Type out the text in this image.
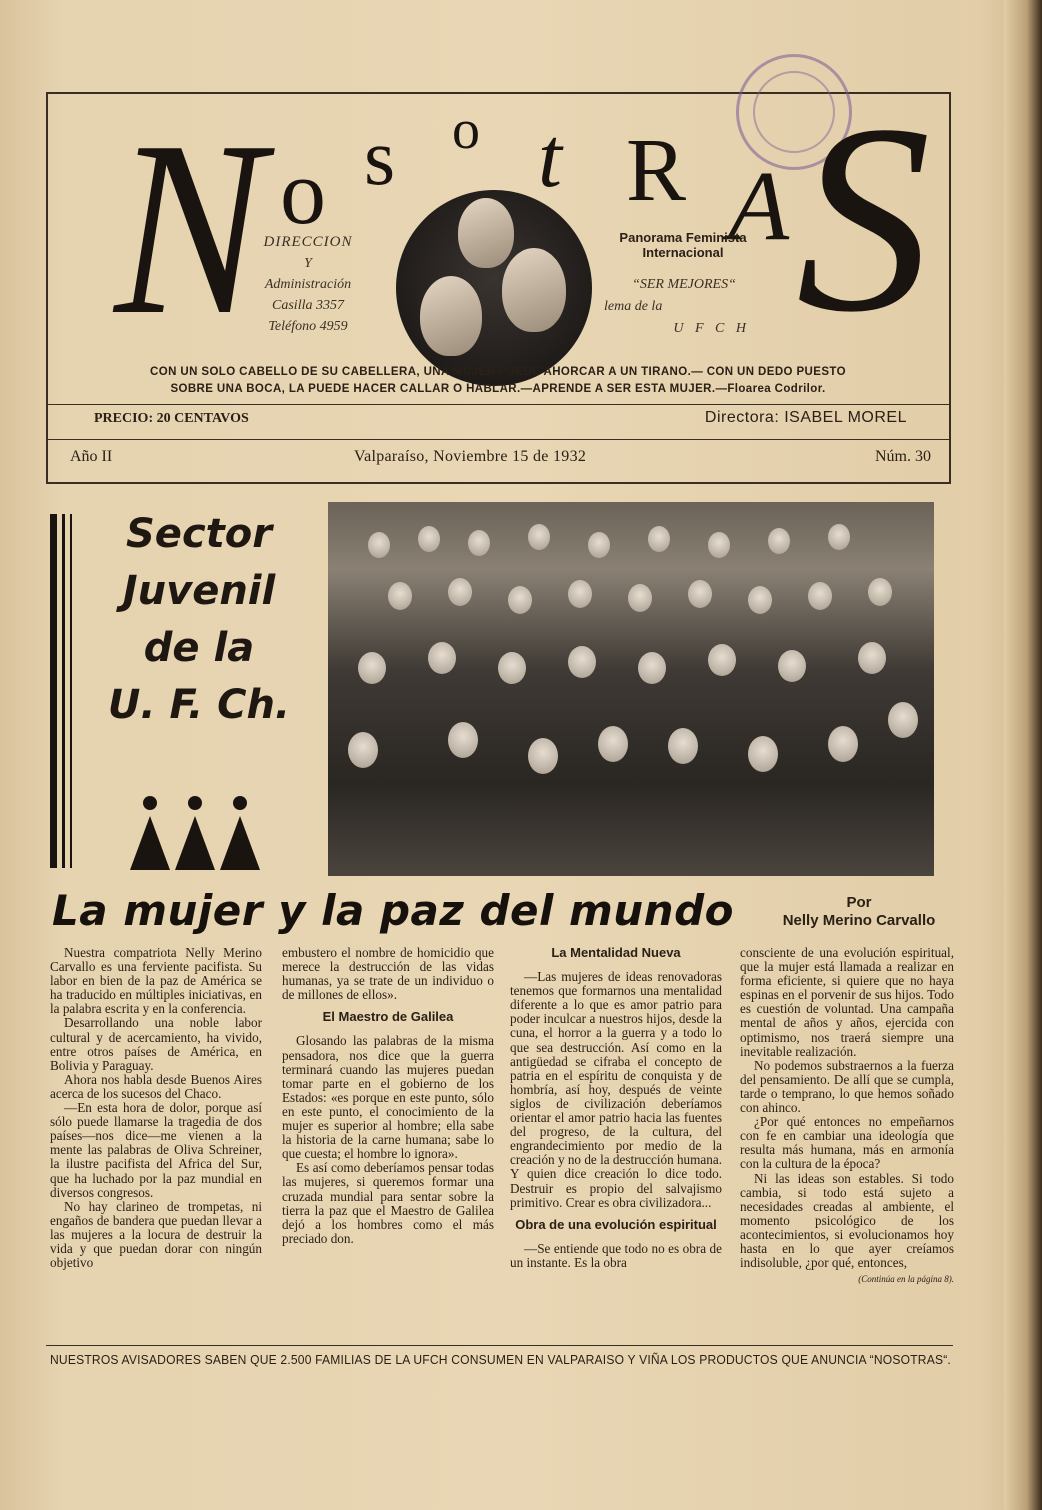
N o s o t R A S
DIRECCION
Y
Administración
Casilla 3357
Teléfono 4959
Panorama Feminista
Internacional
“SER MEJORES“
lema de la
U F C H
CON UN SOLO CABELLO DE SU CABELLERA, UNA MUJER PUEDE AHORCAR A UN TIRANO.— CON UN DEDO PUESTO
SOBRE UNA BOCA, LA PUEDE HACER CALLAR O HABLAR.—APRENDE A SER ESTA MUJER.—Floarea Codrilor.
PRECIO: 20 CENTAVOS	Directora: ISABEL MOREL
Año II	Valparaíso, Noviembre 15 de 1932	Núm. 30
Sector
Juvenil
de la
U. F. Ch.
La mujer y la paz del mundo	Por
Nelly Merino Carvallo

Nuestra compatriota Nelly Merino Carvallo es una ferviente pacifista. Su labor en bien de la paz de América se ha traducido en múltiples iniciativas, en la palabra escrita y en la conferencia.

Desarrollando una noble labor cultural y de acercamiento, ha vivido, entre otros países de América, en Bolivia y Paraguay.

Ahora nos habla desde Buenos Aires acerca de los sucesos del Chaco.

—En esta hora de dolor, porque así sólo puede llamarse la tragedia de dos países—nos dice—me vienen a la mente las palabras de Oliva Schreiner, la ilustre pacifista del Africa del Sur, que ha luchado por la paz mundial en diversos congresos.

No hay clarineo de trompetas, ni engaños de bandera que puedan llevar a las mujeres a la locura de destruir la vida y que puedan dorar con ningún objetivo

embustero el nombre de homicidio que merece la destrucción de las vidas humanas, ya se trate de un individuo o de millones de ellos».

El Maestro de Galilea

Glosando las palabras de la misma pensadora, nos dice que la guerra terminará cuando las mujeres puedan tomar parte en el gobierno de los Estados: «es porque en este punto, sólo en este punto, el conocimiento de la mujer es superior al hombre; ella sabe la historia de la carne humana; sabe lo que cuesta; el hombre lo ignora».

Es así como deberíamos pensar todas las mujeres, si queremos formar una cruzada mundial para sentar sobre la tierra la paz que el Maestro de Galilea dejó a los hombres como el más preciado don.

La Mentalidad Nueva

—Las mujeres de ideas renovadoras tenemos que formarnos una mentalidad diferente a lo que es amor patrio para poder inculcar a nuestros hijos, desde la cuna, el horror a la guerra y a todo lo que sea destrucción. Así como en la antigüedad se cifraba el concepto de patria en el espíritu de conquista y de hombría, así hoy, después de veinte siglos de civilización deberíamos orientar el amor patrio hacia las fuentes del progreso, de la cultura, del engrandecimiento por medio de la creación y no de la destrucción humana. Y quien dice creación lo dice todo. Destruir es propio del salvajismo primitivo. Crear es obra civilizadora...

Obra de una evolución espiritual

—Se entiende que todo no es obra de un instante. Es la obra

consciente de una evolución espiritual, que la mujer está llamada a realizar en forma eficiente, si quiere que no haya espinas en el porvenir de sus hijos. Todo es cuestión de voluntad. Una campaña mental de años y años, ejercida con optimismo, nos traerá siempre una inevitable realización.

No podemos substraernos a la fuerza del pensamiento. De allí que se cumpla, tarde o temprano, lo que hemos soñado con ahinco.

¿Por qué entonces no empeñarnos con fe en cambiar una ideología que resulta más humana, más en armonía con la cultura de la época?

Ni las ideas son estables. Si todo cambia, si todo está sujeto a necesidades creadas al ambiente, el momento psicológico de los acontecimientos, si evolucionamos hoy hasta en lo que ayer creíamos indisoluble, ¿por qué, entonces,

(Continúa en la página 8).
NUESTROS AVISADORES SABEN QUE 2.500 FAMILIAS DE LA UFCH CONSUMEN EN VALPARAISO Y VIÑA LOS PRODUCTOS QUE ANUNCIA “NOSOTRAS“.
